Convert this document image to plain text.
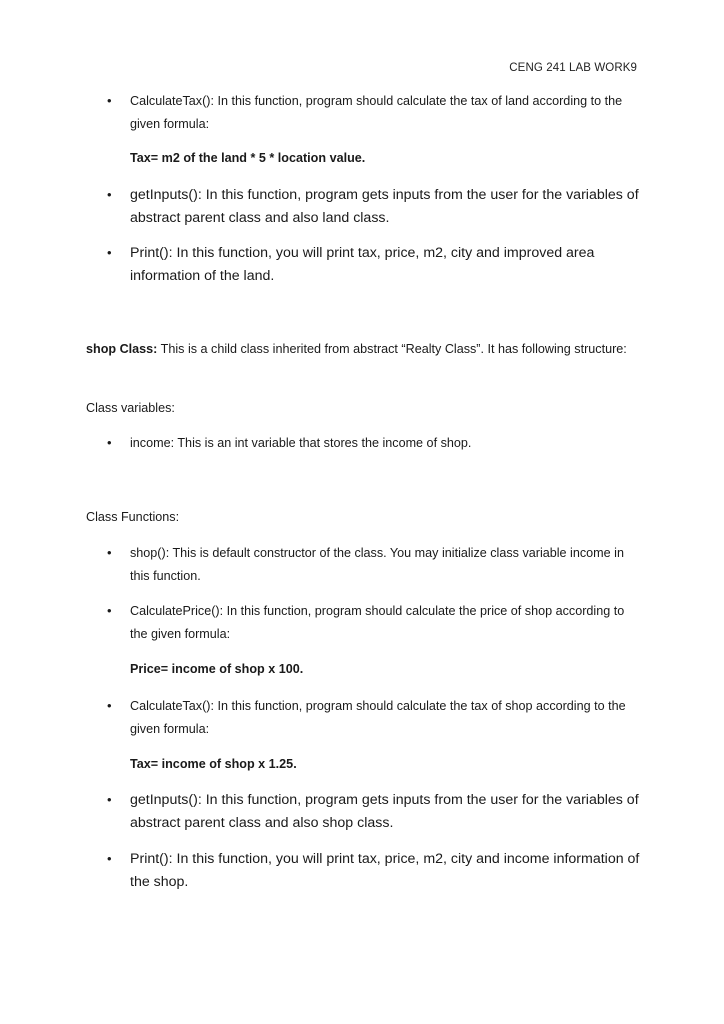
CENG 241 LAB WORK9
• CalculateTax(): In this function, program should calculate the tax of land according to the given formula:
Tax= m2 of the land * 5 * location value.
• getInputs(): In this function, program gets inputs from the user for the variables of abstract parent class and also land class.
• Print(): In this function, you will print tax, price, m2, city and improved area information of the land.
shop Class: This is a child class inherited from abstract “Realty Class”. It has following structure:
Class variables:
• income: This is an int variable that stores the income of shop.
Class Functions:
• shop(): This is default constructor of the class. You may initialize class variable income in this function.
• CalculatePrice(): In this function, program should calculate the price of shop according to the given formula:
Price= income of shop x 100.
• CalculateTax(): In this function, program should calculate the tax of shop according to the given formula:
Tax= income of shop x 1.25.
• getInputs(): In this function, program gets inputs from the user for the variables of abstract parent class and also shop class.
• Print(): In this function, you will print tax, price, m2, city and income information of the shop.
